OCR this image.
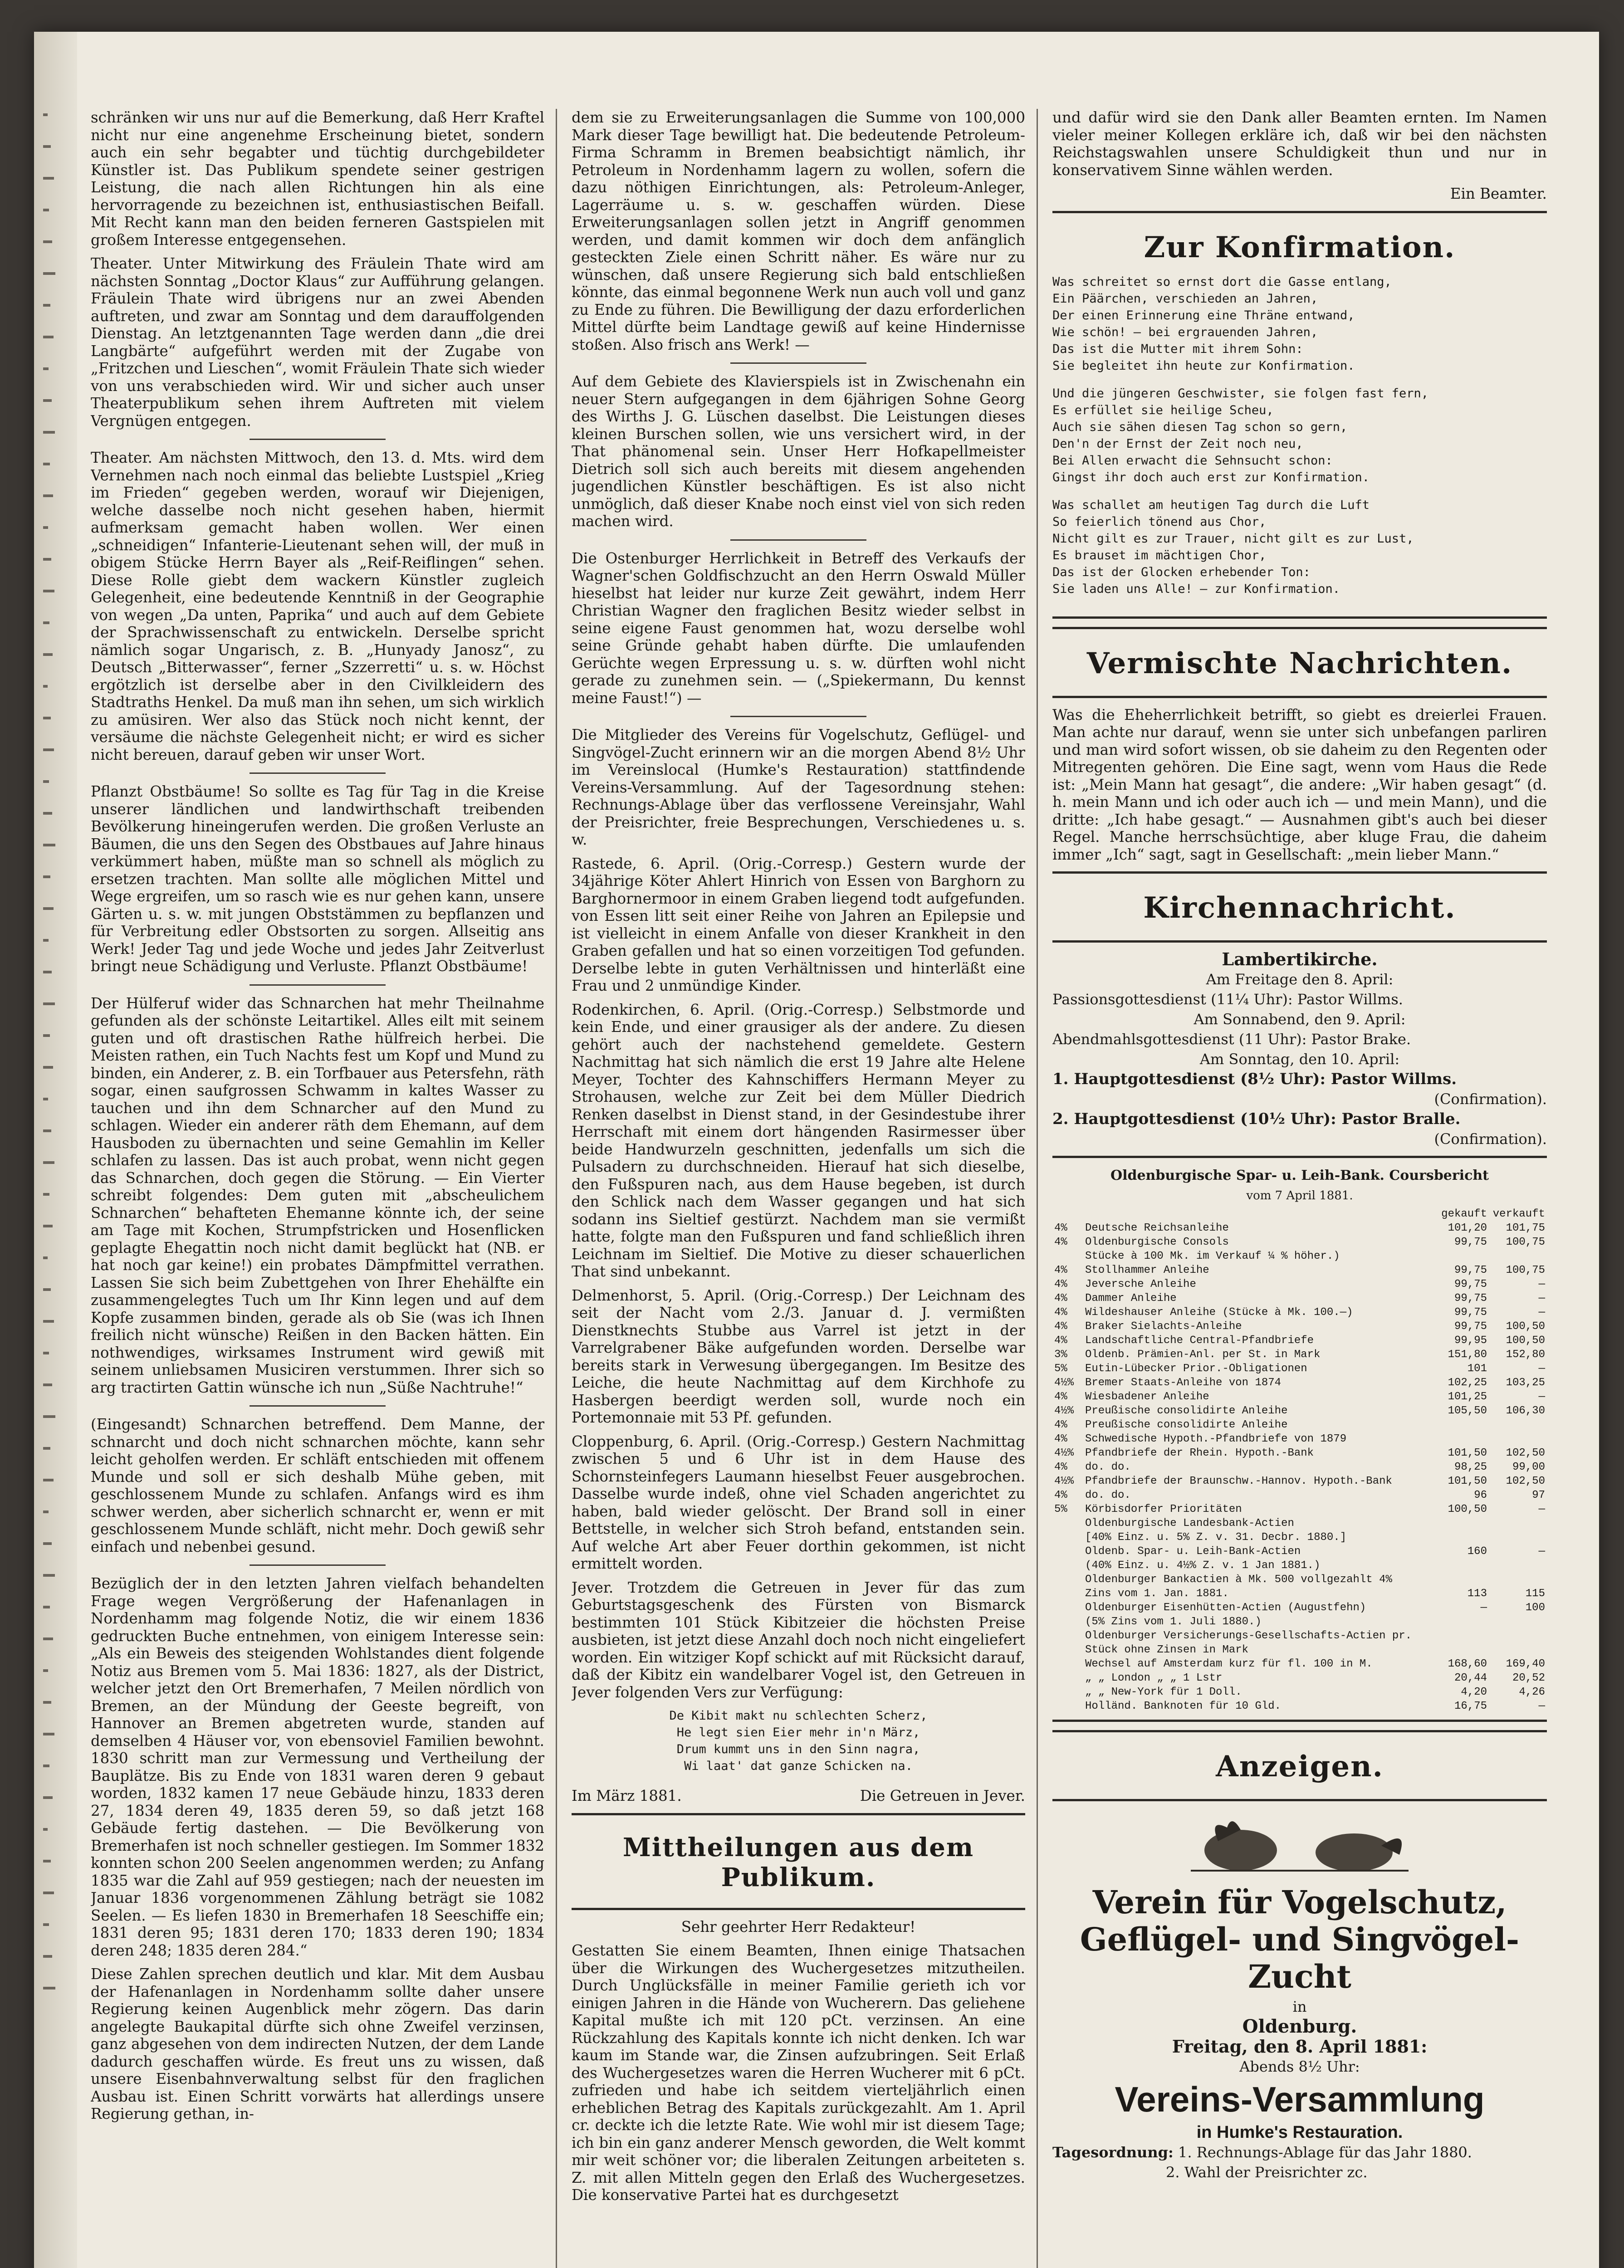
schränken wir uns nur auf die Bemerkung, daß Herr Kraftel nicht nur eine angenehme Erscheinung bietet, sondern auch ein sehr begabter und tüchtig durchgebildeter Künstler ist. Das Publikum spendete seiner gestrigen Leistung, die nach allen Richtungen hin als eine hervorragende zu bezeichnen ist, enthusiastischen Beifall. Mit Recht kann man den beiden ferneren Gastspielen mit großem Interesse entgegensehen.

Theater. Unter Mitwirkung des Fräulein Thate wird am nächsten Sonntag „Doctor Klaus“ zur Aufführung gelangen. Fräulein Thate wird übrigens nur an zwei Abenden auftreten, und zwar am Sonntag und dem darauffolgenden Dienstag. An letztgenannten Tage werden dann „die drei Langbärte“ aufgeführt werden mit der Zugabe von „Fritzchen und Lieschen“, womit Fräulein Thate sich wieder von uns verabschieden wird. Wir und sicher auch unser Theaterpublikum sehen ihrem Auftreten mit vielem Vergnügen entgegen.

Theater. Am nächsten Mittwoch, den 13. d. Mts. wird dem Vernehmen nach noch einmal das beliebte Lustspiel „Krieg im Frieden“ gegeben werden, worauf wir Diejenigen, welche dasselbe noch nicht gesehen haben, hiermit aufmerksam gemacht haben wollen. Wer einen „schneidigen“ Infanterie-Lieutenant sehen will, der muß in obigem Stücke Herrn Bayer als „Reif-Reiflingen“ sehen. Diese Rolle giebt dem wackern Künstler zugleich Gelegenheit, eine bedeutende Kenntniß in der Geographie von wegen „Da unten, Paprika“ und auch auf dem Gebiete der Sprachwissenschaft zu entwickeln. Derselbe spricht nämlich sogar Ungarisch, z. B. „Hunyady Janosz“, zu Deutsch „Bitterwasser“, ferner „Szzerretti“ u. s. w. Höchst ergötzlich ist derselbe aber in den Civilkleidern des Stadtraths Henkel. Da muß man ihn sehen, um sich wirklich zu amüsiren. Wer also das Stück noch nicht kennt, der versäume die nächste Gelegenheit nicht; er wird es sicher nicht bereuen, darauf geben wir unser Wort.

Pflanzt Obstbäume! So sollte es Tag für Tag in die Kreise unserer ländlichen und landwirthschaft treibenden Bevölkerung hineingerufen werden. Die großen Verluste an Bäumen, die uns den Segen des Obstbaues auf Jahre hinaus verkümmert haben, müßte man so schnell als möglich zu ersetzen trachten. Man sollte alle möglichen Mittel und Wege ergreifen, um so rasch wie es nur gehen kann, unsere Gärten u. s. w. mit jungen Obststämmen zu bepflanzen und für Verbreitung edler Obstsorten zu sorgen. Allseitig ans Werk! Jeder Tag und jede Woche und jedes Jahr Zeitverlust bringt neue Schädigung und Verluste. Pflanzt Obstbäume!

Der Hülferuf wider das Schnarchen hat mehr Theilnahme gefunden als der schönste Leitartikel. Alles eilt mit seinem guten und oft drastischen Rathe hülfreich herbei. Die Meisten rathen, ein Tuch Nachts fest um Kopf und Mund zu binden, ein Anderer, z. B. ein Torfbauer aus Petersfehn, räth sogar, einen saufgrossen Schwamm in kaltes Wasser zu tauchen und ihn dem Schnarcher auf den Mund zu schlagen. Wieder ein anderer räth dem Ehemann, auf dem Hausboden zu übernachten und seine Gemahlin im Keller schlafen zu lassen. Das ist auch probat, wenn nicht gegen das Schnarchen, doch gegen die Störung. — Ein Vierter schreibt folgendes: Dem guten mit „abscheulichem Schnarchen“ behafteten Ehemanne könnte ich, der seine am Tage mit Kochen, Strumpfstricken und Hosenflicken geplagte Ehegattin noch nicht damit beglückt hat (NB. er hat noch gar keine!) ein probates Dämpfmittel verrathen. Lassen Sie sich beim Zubettgehen von Ihrer Ehehälfte ein zusammengelegtes Tuch um Ihr Kinn legen und auf dem Kopfe zusammen binden, gerade als ob Sie (was ich Ihnen freilich nicht wünsche) Reißen in den Backen hätten. Ein nothwendiges, wirksames Instrument wird gewiß mit seinem unliebsamen Musiciren verstummen. Ihrer sich so arg tractirten Gattin wünsche ich nun „Süße Nachtruhe!“

(Eingesandt) Schnarchen betreffend. Dem Manne, der schnarcht und doch nicht schnarchen möchte, kann sehr leicht geholfen werden. Er schläft entschieden mit offenem Munde und soll er sich deshalb Mühe geben, mit geschlossenem Munde zu schlafen. Anfangs wird es ihm schwer werden, aber sicherlich schnarcht er, wenn er mit geschlossenem Munde schläft, nicht mehr. Doch gewiß sehr einfach und nebenbei gesund.

Bezüglich der in den letzten Jahren vielfach behandelten Frage wegen Vergrößerung der Hafenanlagen in Nordenhamm mag folgende Notiz, die wir einem 1836 gedruckten Buche entnehmen, von einigem Interesse sein: „Als ein Beweis des steigenden Wohlstandes dient folgende Notiz aus Bremen vom 5. Mai 1836: 1827, als der District, welcher jetzt den Ort Bremerhafen, 7 Meilen nördlich von Bremen, an der Mündung der Geeste begreift, von Hannover an Bremen abgetreten wurde, standen auf demselben 4 Häuser vor, von ebensoviel Familien bewohnt. 1830 schritt man zur Vermessung und Vertheilung der Bauplätze. Bis zu Ende von 1831 waren deren 9 gebaut worden, 1832 kamen 17 neue Gebäude hinzu, 1833 deren 27, 1834 deren 49, 1835 deren 59, so daß jetzt 168 Gebäude fertig dastehen. — Die Bevölkerung von Bremerhafen ist noch schneller gestiegen. Im Sommer 1832 konnten schon 200 Seelen angenommen werden; zu Anfang 1835 war die Zahl auf 959 gestiegen; nach der neuesten im Januar 1836 vorgenommenen Zählung beträgt sie 1082 Seelen. — Es liefen 1830 in Bremerhafen 18 Seeschiffe ein; 1831 deren 95; 1831 deren 170; 1833 deren 190; 1834 deren 248; 1835 deren 284.“

Diese Zahlen sprechen deutlich und klar. Mit dem Ausbau der Hafenanlagen in Nordenhamm sollte daher unsere Regierung keinen Augenblick mehr zögern. Das darin angelegte Baukapital dürfte sich ohne Zweifel verzinsen, ganz abgesehen von dem indirecten Nutzen, der dem Lande dadurch geschaffen würde. Es freut uns zu wissen, daß unsere Eisenbahnverwaltung selbst für den fraglichen Ausbau ist. Einen Schritt vorwärts hat allerdings unsere Regierung gethan, in-

dem sie zu Erweiterungsanlagen die Summe von 100,000 Mark dieser Tage bewilligt hat. Die bedeutende Petroleum-Firma Schramm in Bremen beabsichtigt nämlich, ihr Petroleum in Nordenhamm lagern zu wollen, sofern die dazu nöthigen Einrichtungen, als: Petroleum-Anleger, Lagerräume u. s. w. geschaffen würden. Diese Erweiterungsanlagen sollen jetzt in Angriff genommen werden, und damit kommen wir doch dem anfänglich gesteckten Ziele einen Schritt näher. Es wäre nur zu wünschen, daß unsere Regierung sich bald entschließen könnte, das einmal begonnene Werk nun auch voll und ganz zu Ende zu führen. Die Bewilligung der dazu erforderlichen Mittel dürfte beim Landtage gewiß auf keine Hindernisse stoßen. Also frisch ans Werk! —

Auf dem Gebiete des Klavierspiels ist in Zwischenahn ein neuer Stern aufgegangen in dem 6jährigen Sohne Georg des Wirths J. G. Lüschen daselbst. Die Leistungen dieses kleinen Burschen sollen, wie uns versichert wird, in der That phänomenal sein. Unser Herr Hofkapellmeister Dietrich soll sich auch bereits mit diesem angehenden jugendlichen Künstler beschäftigen. Es ist also nicht unmöglich, daß dieser Knabe noch einst viel von sich reden machen wird.

Die Ostenburger Herrlichkeit in Betreff des Verkaufs der Wagner'schen Goldfischzucht an den Herrn Oswald Müller hieselbst hat leider nur kurze Zeit gewährt, indem Herr Christian Wagner den fraglichen Besitz wieder selbst in seine eigene Faust genommen hat, wozu derselbe wohl seine Gründe gehabt haben dürfte. Die umlaufenden Gerüchte wegen Erpressung u. s. w. dürften wohl nicht gerade zu zunehmen sein. — („Spiekermann, Du kennst meine Faust!“) —

Die Mitglieder des Vereins für Vogelschutz, Geflügel- und Singvögel-Zucht erinnern wir an die morgen Abend 8½ Uhr im Vereinslocal (Humke's Restauration) stattfindende Vereins-Versammlung. Auf der Tagesordnung stehen: Rechnungs-Ablage über das verflossene Vereinsjahr, Wahl der Preisrichter, freie Besprechungen, Verschiedenes u. s. w.

Rastede, 6. April. (Orig.-Corresp.) Gestern wurde der 34jährige Köter Ahlert Hinrich von Essen von Barghorn zu Barghornermoor in einem Graben liegend todt aufgefunden. von Essen litt seit einer Reihe von Jahren an Epilepsie und ist vielleicht in einem Anfalle von dieser Krankheit in den Graben gefallen und hat so einen vorzeitigen Tod gefunden. Derselbe lebte in guten Verhältnissen und hinterläßt eine Frau und 2 unmündige Kinder.

Rodenkirchen, 6. April. (Orig.-Corresp.) Selbstmorde und kein Ende, und einer grausiger als der andere. Zu diesen gehört auch der nachstehend gemeldete. Gestern Nachmittag hat sich nämlich die erst 19 Jahre alte Helene Meyer, Tochter des Kahnschiffers Hermann Meyer zu Strohausen, welche zur Zeit bei dem Müller Diedrich Renken daselbst in Dienst stand, in der Gesindestube ihrer Herrschaft mit einem dort hängenden Rasirmesser über beide Handwurzeln geschnitten, jedenfalls um sich die Pulsadern zu durchschneiden. Hierauf hat sich dieselbe, den Fußspuren nach, aus dem Hause begeben, ist durch den Schlick nach dem Wasser gegangen und hat sich sodann ins Sieltief gestürzt. Nachdem man sie vermißt hatte, folgte man den Fußspuren und fand schließlich ihren Leichnam im Sieltief. Die Motive zu dieser schauerlichen That sind unbekannt.

Delmenhorst, 5. April. (Orig.-Corresp.) Der Leichnam des seit der Nacht vom 2./3. Januar d. J. vermißten Dienstknechts Stubbe aus Varrel ist jetzt in der Varrelgrabener Bäke aufgefunden worden. Derselbe war bereits stark in Verwesung übergegangen. Im Besitze des Leiche, die heute Nachmittag auf dem Kirchhofe zu Hasbergen beerdigt werden soll, wurde noch ein Portemonnaie mit 53 Pf. gefunden.

Cloppenburg, 6. April. (Orig.-Corresp.) Gestern Nachmittag zwischen 5 und 6 Uhr ist in dem Hause des Schornsteinfegers Laumann hieselbst Feuer ausgebrochen. Dasselbe wurde indeß, ohne viel Schaden angerichtet zu haben, bald wieder gelöscht. Der Brand soll in einer Bettstelle, in welcher sich Stroh befand, entstanden sein. Auf welche Art aber Feuer dorthin gekommen, ist nicht ermittelt worden.

Jever. Trotzdem die Getreuen in Jever für das zum Geburtstagsgeschenk des Fürsten von Bismarck bestimmten 101 Stück Kibitzeier die höchsten Preise ausbieten, ist jetzt diese Anzahl doch noch nicht eingeliefert worden. Ein witziger Kopf schickt auf mit Rücksicht darauf, daß der Kibitz ein wandelbarer Vogel ist, den Getreuen in Jever folgenden Vers zur Verfügung:

De Kibit makt nu schlechten Scherz,
He legt sien Eier mehr in'n März,
Drum kummt uns in den Sinn nagra,
Wi laat' dat ganze Schicken na.

Im März 1881.	Die Getreuen in Jever.

Mittheilungen aus dem Publikum.

Sehr geehrter Herr Redakteur!

Gestatten Sie einem Beamten, Ihnen einige Thatsachen über die Wirkungen des Wuchergesetzes mitzutheilen. Durch Unglücksfälle in meiner Familie gerieth ich vor einigen Jahren in die Hände von Wucherern. Das geliehene Kapital mußte ich mit 120 pCt. verzinsen. An eine Rückzahlung des Kapitals konnte ich nicht denken. Ich war kaum im Stande war, die Zinsen aufzubringen. Seit Erlaß des Wuchergesetzes waren die Herren Wucherer mit 6 pCt. zufrieden und habe ich seitdem vierteljährlich einen erheblichen Betrag des Kapitals zurückgezahlt. Am 1. April cr. deckte ich die letzte Rate. Wie wohl mir ist diesem Tage; ich bin ein ganz anderer Mensch geworden, die Welt kommt mir weit schöner vor; die liberalen Zeitungen arbeiteten s. Z. mit allen Mitteln gegen den Erlaß des Wuchergesetzes. Die konservative Partei hat es durchgesetzt

und dafür wird sie den Dank aller Beamten ernten. Im Namen vieler meiner Kollegen erkläre ich, daß wir bei den nächsten Reichstagswahlen unsere Schuldigkeit thun und nur in konservativem Sinne wählen werden.

Ein Beamter.

Zur Konfirmation.
Was schreitet so ernst dort die Gasse entlang,
Ein Päärchen, verschieden an Jahren,
Der einen Erinnerung eine Thräne entwand,
Wie schön! — bei ergrauenden Jahren,
Das ist die Mutter mit ihrem Sohn:
Sie begleitet ihn heute zur Konfirmation.
Und die jüngeren Geschwister, sie folgen fast fern,
Es erfüllet sie heilige Scheu,
Auch sie sähen diesen Tag schon so gern,
Den'n der Ernst der Zeit noch neu,
Bei Allen erwacht die Sehnsucht schon:
Gingst ihr doch auch erst zur Konfirmation.
Was schallet am heutigen Tag durch die Luft
So feierlich tönend aus Chor,
Nicht gilt es zur Trauer, nicht gilt es zur Lust,
Es brauset im mächtigen Chor,
Das ist der Glocken erhebender Ton:
Sie laden uns Alle! — zur Konfirmation.
Vermischte Nachrichten.

Was die Eheherrlichkeit betrifft, so giebt es dreierlei Frauen. Man achte nur darauf, wenn sie unter sich unbefangen parliren und man wird sofort wissen, ob sie daheim zu den Regenten oder Mitregenten gehören. Die Eine sagt, wenn vom Haus die Rede ist: „Mein Mann hat gesagt“, die andere: „Wir haben gesagt“ (d. h. mein Mann und ich oder auch ich — und mein Mann), und die dritte: „Ich habe gesagt.“ — Ausnahmen gibt's auch bei dieser Regel. Manche herrschsüchtige, aber kluge Frau, die daheim immer „Ich“ sagt, sagt in Gesellschaft: „mein lieber Mann.“

Kirchennachricht.
Lambertikirche.
Am Freitage den 8. April:
Passionsgottesdienst (11¼ Uhr): Pastor Willms.
Am Sonnabend, den 9. April:
Abendmahlsgottesdienst (11 Uhr): Pastor Brake.
Am Sonntag, den 10. April:
1. Hauptgottesdienst (8½ Uhr): Pastor Willms.
(Confirmation).
2. Hauptgottesdienst (10½ Uhr): Pastor Bralle.
(Confirmation).
Oldenburgische Spar- u. Leih-Bank. Coursbericht
vom 7 April 1881.
		gekauft	verkauft
4%	Deutsche Reichsanleihe	101,20	101,75
4%	Oldenburgische Consols	99,75	100,75
	Stücke à 100 Mk. im Verkauf ¼ % höher.)		
4%	Stollhammer Anleihe	99,75	100,75
4%	Jeversche Anleihe	99,75	—
4%	Dammer Anleihe	99,75	—
4%	Wildeshauser Anleihe (Stücke à Mk. 100.—)	99,75	—
4%	Braker Sielachts-Anleihe	99,75	100,50
4%	Landschaftliche Central-Pfandbriefe	99,95	100,50
3%	Oldenb. Prämien-Anl. per St. in Mark	151,80	152,80
5%	Eutin-Lübecker Prior.-Obligationen	101	—
4½%	Bremer Staats-Anleihe von 1874	102,25	103,25
4%	Wiesbadener Anleihe	101,25	—
4½%	Preußische consolidirte Anleihe	105,50	106,30
4%	Preußische consolidirte Anleihe		
4%	Schwedische Hypoth.-Pfandbriefe von 1879		
4½%	Pfandbriefe der Rhein. Hypoth.-Bank	101,50	102,50
4%	do. do.	98,25	99,00
4½%	Pfandbriefe der Braunschw.-Hannov. Hypoth.-Bank	101,50	102,50
4%	do. do.	96	97
5%	Körbisdorfer Prioritäten	100,50	—
	Oldenburgische Landesbank-Actien		
	[40% Einz. u. 5% Z. v. 31. Decbr. 1880.]		
	Oldenb. Spar- u. Leih-Bank-Actien	160	—
	(40% Einz. u. 4½% Z. v. 1 Jan 1881.)		
	Oldenburger Bankactien à Mk. 500 vollgezahlt 4%		
	Zins vom 1. Jan. 1881.	113	115
	Oldenburger Eisenhütten-Actien (Augustfehn)	—	100
	(5% Zins vom 1. Juli 1880.)		
	Oldenburger Versicherungs-Gesellschafts-Actien pr.		
	Stück ohne Zinsen in Mark		
	Wechsel auf Amsterdam kurz für fl. 100 in M.	168,60	169,40
	„ „ London „ „ 1 Lstr	20,44	20,52
	„ „ New-York für 1 Doll.	4,20	4,26
	Holländ. Banknoten für 10 Gld.	16,75	—
Anzeigen.
Verein für Vogelschutz, Geflügel- und Singvögel-Zucht
in
Oldenburg.
Freitag, den 8. April 1881:
Abends 8½ Uhr:
Vereins-Versammlung
in Humke's Restauration.
Tagesordnung: 1. Rechnungs-Ablage für das Jahr 1880.
2. Wahl der Preisrichter zc.
